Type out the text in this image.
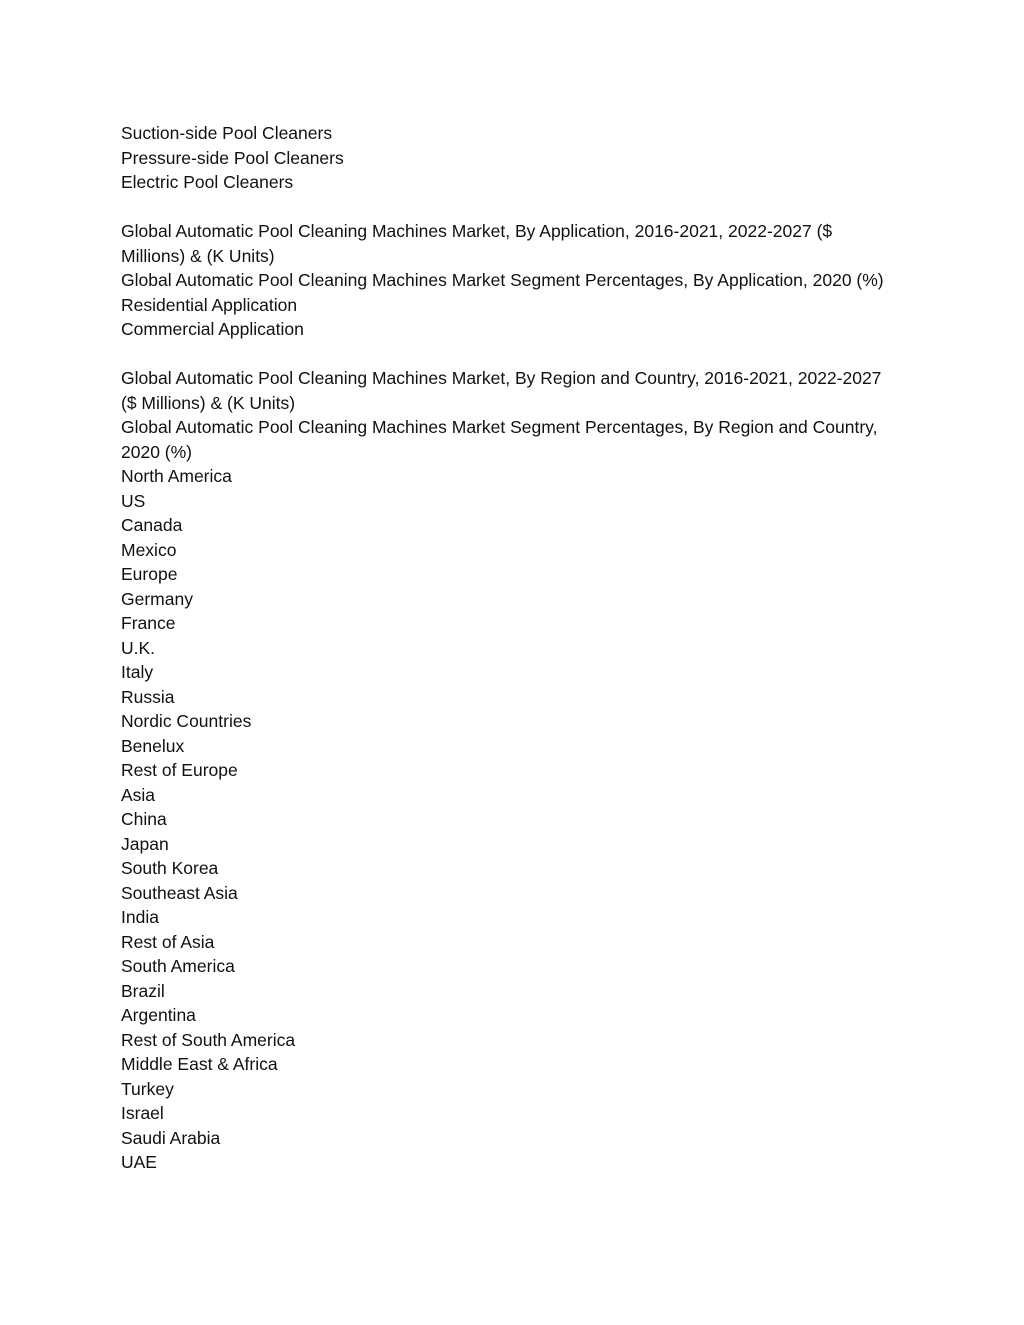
Suction-side Pool Cleaners
Pressure-side Pool Cleaners
Electric Pool Cleaners
Global Automatic Pool Cleaning Machines Market, By Application, 2016-2021, 2022-2027 ($ Millions) & (K Units)
Global Automatic Pool Cleaning Machines Market Segment Percentages, By Application, 2020 (%)
Residential Application
Commercial Application
Global Automatic Pool Cleaning Machines Market, By Region and Country, 2016-2021, 2022-2027 ($ Millions) & (K Units)
Global Automatic Pool Cleaning Machines Market Segment Percentages, By Region and Country, 2020 (%)
North America
US
Canada
Mexico
Europe
Germany
France
U.K.
Italy
Russia
Nordic Countries
Benelux
Rest of Europe
Asia
China
Japan
South Korea
Southeast Asia
India
Rest of Asia
South America
Brazil
Argentina
Rest of South America
Middle East & Africa
Turkey
Israel
Saudi Arabia
UAE
